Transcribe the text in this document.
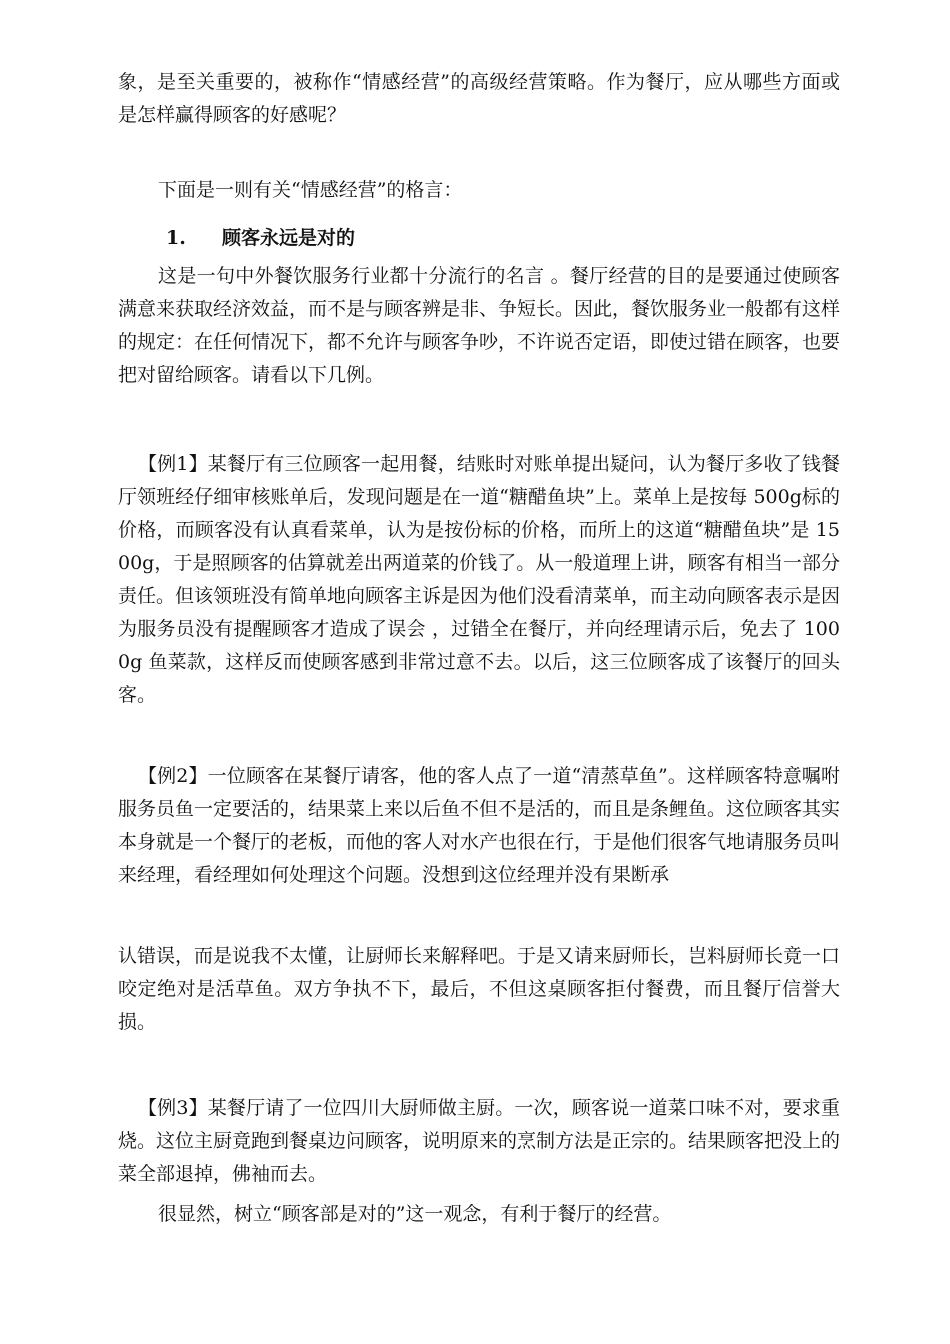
象，是至关重要的，被称作“情感经营”的高级经营策略。作为餐厅，应从哪些方面或是怎样赢得顾客的好感呢？

下面是一则有关“情感经营”的格言：

1. 顾客永远是对的

这是一句中外餐饮服务行业都十分流行的名言 。餐厅经营的目的是要通过使顾客满意来获取经济效益，而不是与顾客辨是非、争短长。因此，餐饮服务业一般都有这样的规定：在任何情况下，都不允许与顾客争吵，不许说否定语，即使过错在顾客，也要把对留给顾客。请看以下几例。

【例1】某餐厅有三位顾客一起用餐，结账时对账单提出疑问，认为餐厅多收了钱餐厅领班经仔细审核账单后，发现问题是在一道“糖醋鱼块”上。菜单上是按每 500g标的价格，而顾客没有认真看菜单，认为是按份标的价格，而所上的这道“糖醋鱼块”是 1500g，于是照顾客的估算就差出两道菜的价钱了。从一般道理上讲，顾客有相当一部分责任。但该领班没有简单地向顾客主诉是因为他们没看清菜单，而主动向顾客表示是因为服务员没有提醒顾客才造成了误会 ，过错全在餐厅，并向经理请示后，免去了 1000g 鱼菜款，这样反而使顾客感到非常过意不去。以后，这三位顾客成了该餐厅的回头客。

【例2】一位顾客在某餐厅请客，他的客人点了一道“清蒸草鱼”。这样顾客特意嘱咐服务员鱼一定要活的，结果菜上来以后鱼不但不是活的，而且是条鲤鱼。这位顾客其实本身就是一个餐厅的老板，而他的客人对水产也很在行，于是他们很客气地请服务员叫来经理，看经理如何处理这个问题。没想到这位经理并没有果断承

认错误，而是说我不太懂，让厨师长来解释吧。于是又请来厨师长，岂料厨师长竟一口咬定绝对是活草鱼。双方争执不下，最后，不但这桌顾客拒付餐费，而且餐厅信誉大损。

【例3】某餐厅请了一位四川大厨师做主厨。一次，顾客说一道菜口味不对，要求重烧。这位主厨竟跑到餐桌边问顾客，说明原来的烹制方法是正宗的。结果顾客把没上的菜全部退掉，佛袖而去。

很显然，树立“顾客部是对的”这一观念，有利于餐厅的经营。
